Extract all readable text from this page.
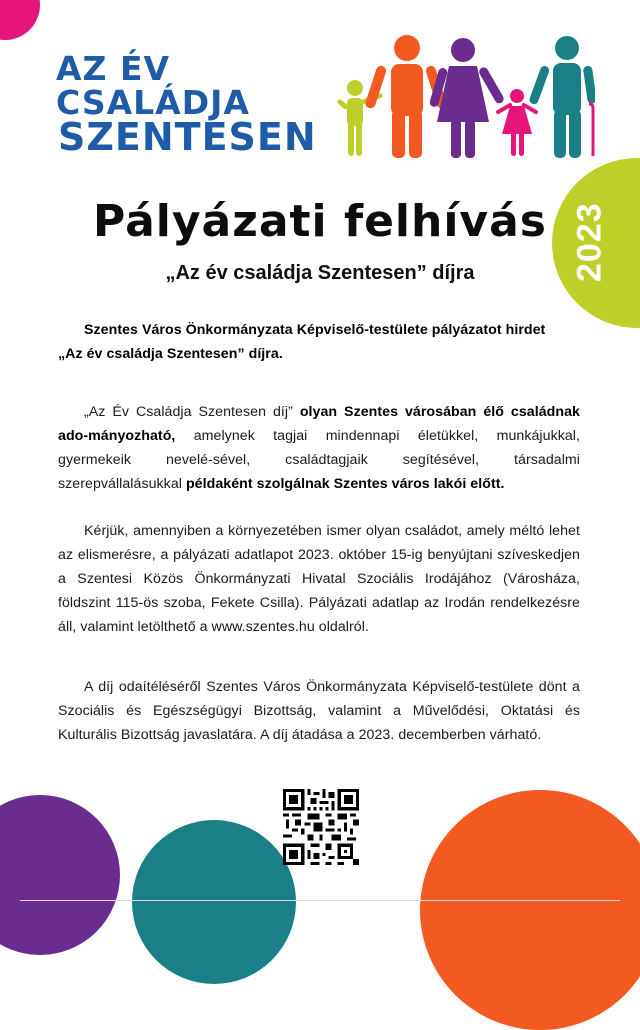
2023
AZ ÉV
CSALÁDJA
SZENTESEN
Pályázati felhívás
„Az év családja Szentesen” díjra
Szentes Város Önkormányzata Képviselő-testülete pályázatot hirdet
„Az év családja Szentesen” díjra.
„Az Év Családja Szentesen díj” olyan Szentes városában élő családnak ado-mányozható, amelynek tagjai mindennapi életükkel, munkájukkal, gyermekeik nevelé-sével, családtagjaik segítésével, társadalmi szerepvállalásukkal példaként szolgálnak Szentes város lakói előtt.
Kérjük, amennyiben a környezetében ismer olyan családot, amely méltó lehet az elismerésre, a pályázati adatlapot 2023. október 15-ig benyújtani szíveskedjen a Szentesi Közös Önkormányzati Hivatal Szociális Irodájához (Városháza, földszint 115-ös szoba, Fekete Csilla). Pályázati adatlap az Irodán rendelkezésre áll, valamint letölthető a www.szentes.hu oldalról.
A díj odaítéléséről Szentes Város Önkormányzata Képviselő-testülete dönt a Szociális és Egészségügyi Bizottság, valamint a Művelődési, Oktatási és Kulturális Bizottság javaslatára. A díj átadása a 2023. decemberben várható.
